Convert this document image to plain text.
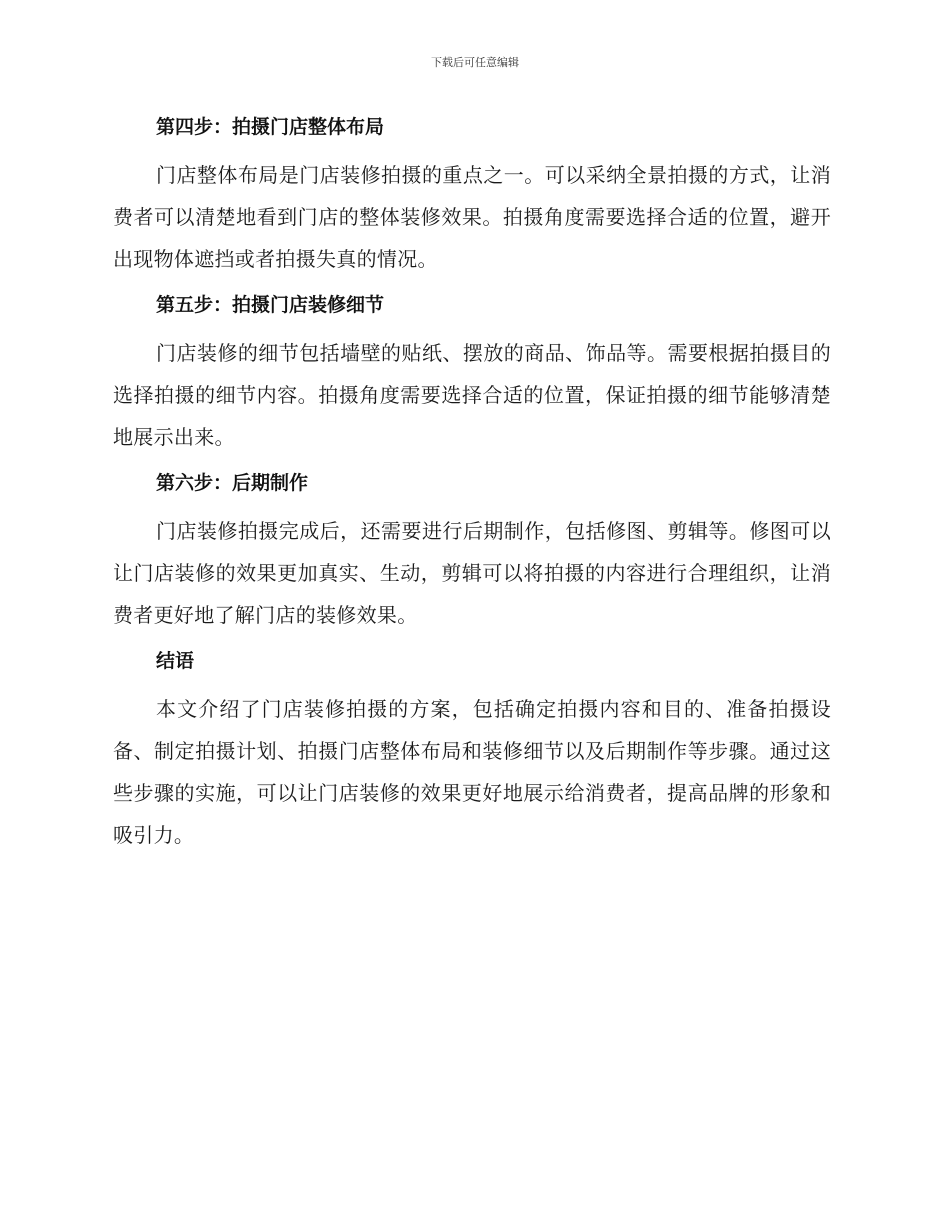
下载后可任意编辑
第四步：拍摄门店整体布局

门店整体布局是门店装修拍摄的重点之一。可以采纳全景拍摄的方式，让消费者可以清楚地看到门店的整体装修效果。拍摄角度需要选择合适的位置，避开出现物体遮挡或者拍摄失真的情况。

第五步：拍摄门店装修细节

门店装修的细节包括墙壁的贴纸、摆放的商品、饰品等。需要根据拍摄目的选择拍摄的细节内容。拍摄角度需要选择合适的位置，保证拍摄的细节能够清楚地展示出来。

第六步：后期制作

门店装修拍摄完成后，还需要进行后期制作，包括修图、剪辑等。修图可以让门店装修的效果更加真实、生动，剪辑可以将拍摄的内容进行合理组织，让消费者更好地了解门店的装修效果。

结语

本文介绍了门店装修拍摄的方案，包括确定拍摄内容和目的、准备拍摄设备、制定拍摄计划、拍摄门店整体布局和装修细节以及后期制作等步骤。通过这些步骤的实施，可以让门店装修的效果更好地展示给消费者，提高品牌的形象和吸引力。
